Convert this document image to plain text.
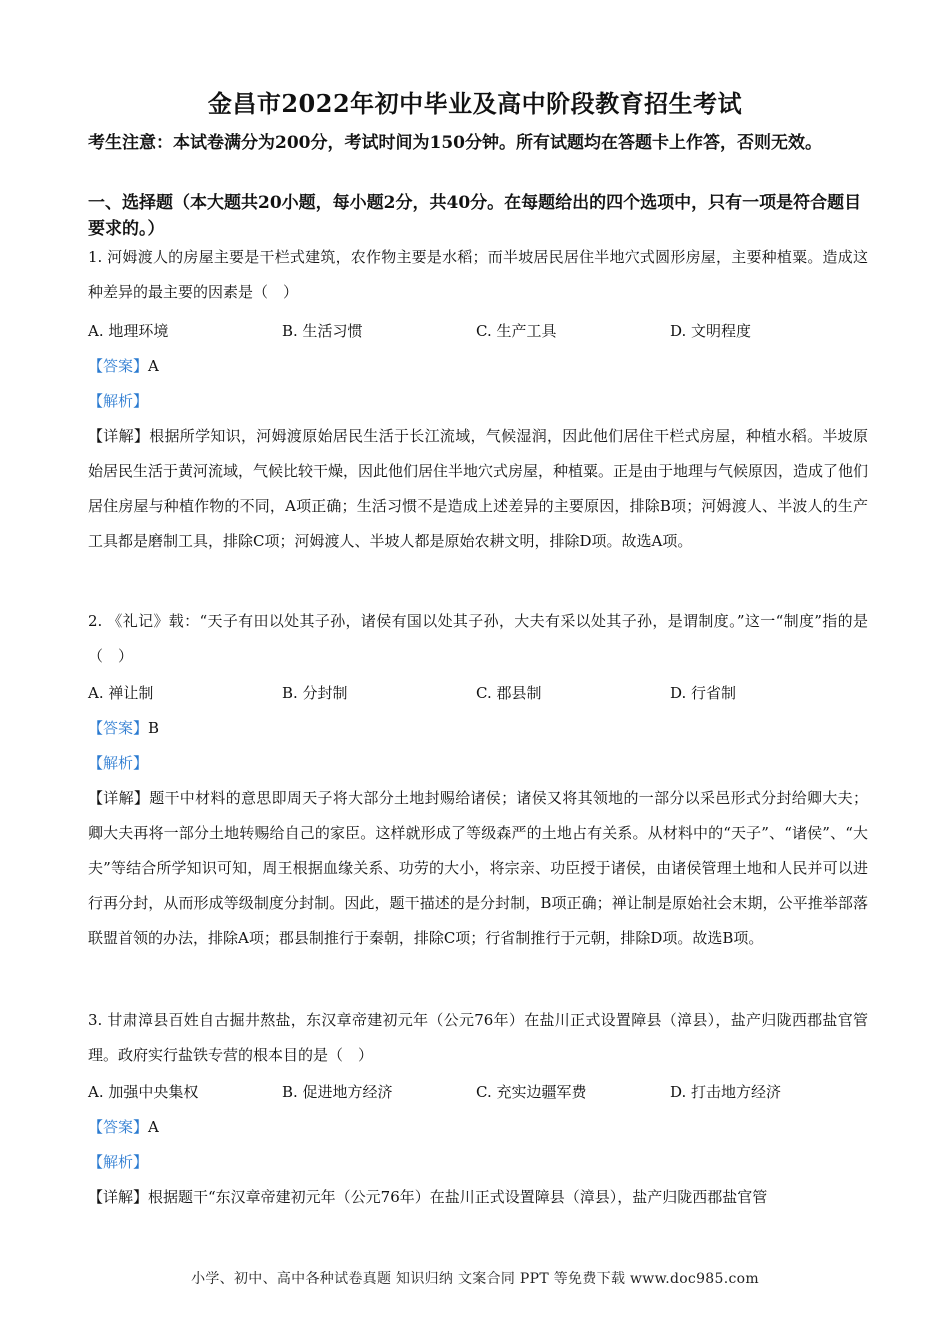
金昌市2022年初中毕业及高中阶段教育招生考试
考生注意：本试卷满分为200分，考试时间为150分钟。所有试题均在答题卡上作答，否则无效。
一、选择题（本大题共20小题，每小题2分，共40分。在每题给出的四个选项中，只有一项是符合题目要求的。）
1. 河姆渡人的房屋主要是干栏式建筑，农作物主要是水稻；而半坡居民居住半地穴式圆形房屋，主要种植粟。造成这种差异的最主要的因素是（　）
A. 地理环境	B. 生活习惯	C. 生产工具	D. 文明程度
【答案】A
【解析】
【详解】根据所学知识，河姆渡原始居民生活于长江流域，气候湿润，因此他们居住干栏式房屋，种植水稻。半坡原始居民生活于黄河流域，气候比较干燥，因此他们居住半地穴式房屋，种植粟。正是由于地理与气候原因，造成了他们居住房屋与种植作物的不同，A项正确；生活习惯不是造成上述差异的主要原因，排除B项；河姆渡人、半波人的生产工具都是磨制工具，排除C项；河姆渡人、半坡人都是原始农耕文明，排除D项。故选A项。
2. 《礼记》载：“天子有田以处其子孙，诸侯有国以处其子孙，大夫有采以处其子孙，是谓制度。”这一“制度”指的是（　）
A. 禅让制	B. 分封制	C. 郡县制	D. 行省制
【答案】B
【解析】
【详解】题干中材料的意思即周天子将大部分土地封赐给诸侯；诸侯又将其领地的一部分以采邑形式分封给卿大夫；卿大夫再将一部分土地转赐给自己的家臣。这样就形成了等级森严的土地占有关系。从材料中的“天子”、“诸侯”、“大夫”等结合所学知识可知，周王根据血缘关系、功劳的大小，将宗亲、功臣授于诸侯，由诸侯管理土地和人民并可以进行再分封，从而形成等级制度分封制。因此，题干描述的是分封制，B项正确；禅让制是原始社会末期，公平推举部落联盟首领的办法，排除A项；郡县制推行于秦朝，排除C项；行省制推行于元朝，排除D项。故选B项。
3. 甘肃漳县百姓自古掘井熬盐，东汉章帝建初元年（公元76年）在盐川正式设置障县（漳县），盐产归陇西郡盐官管理。政府实行盐铁专营的根本目的是（　）
A. 加强中央集权	B. 促进地方经济	C. 充实边疆军费	D. 打击地方经济
【答案】A
【解析】
【详解】根据题干“东汉章帝建初元年（公元76年）在盐川正式设置障县（漳县），盐产归陇西郡盐官管
小学、初中、高中各种试卷真题 知识归纳 文案合同 PPT 等免费下载 www.doc985.com
